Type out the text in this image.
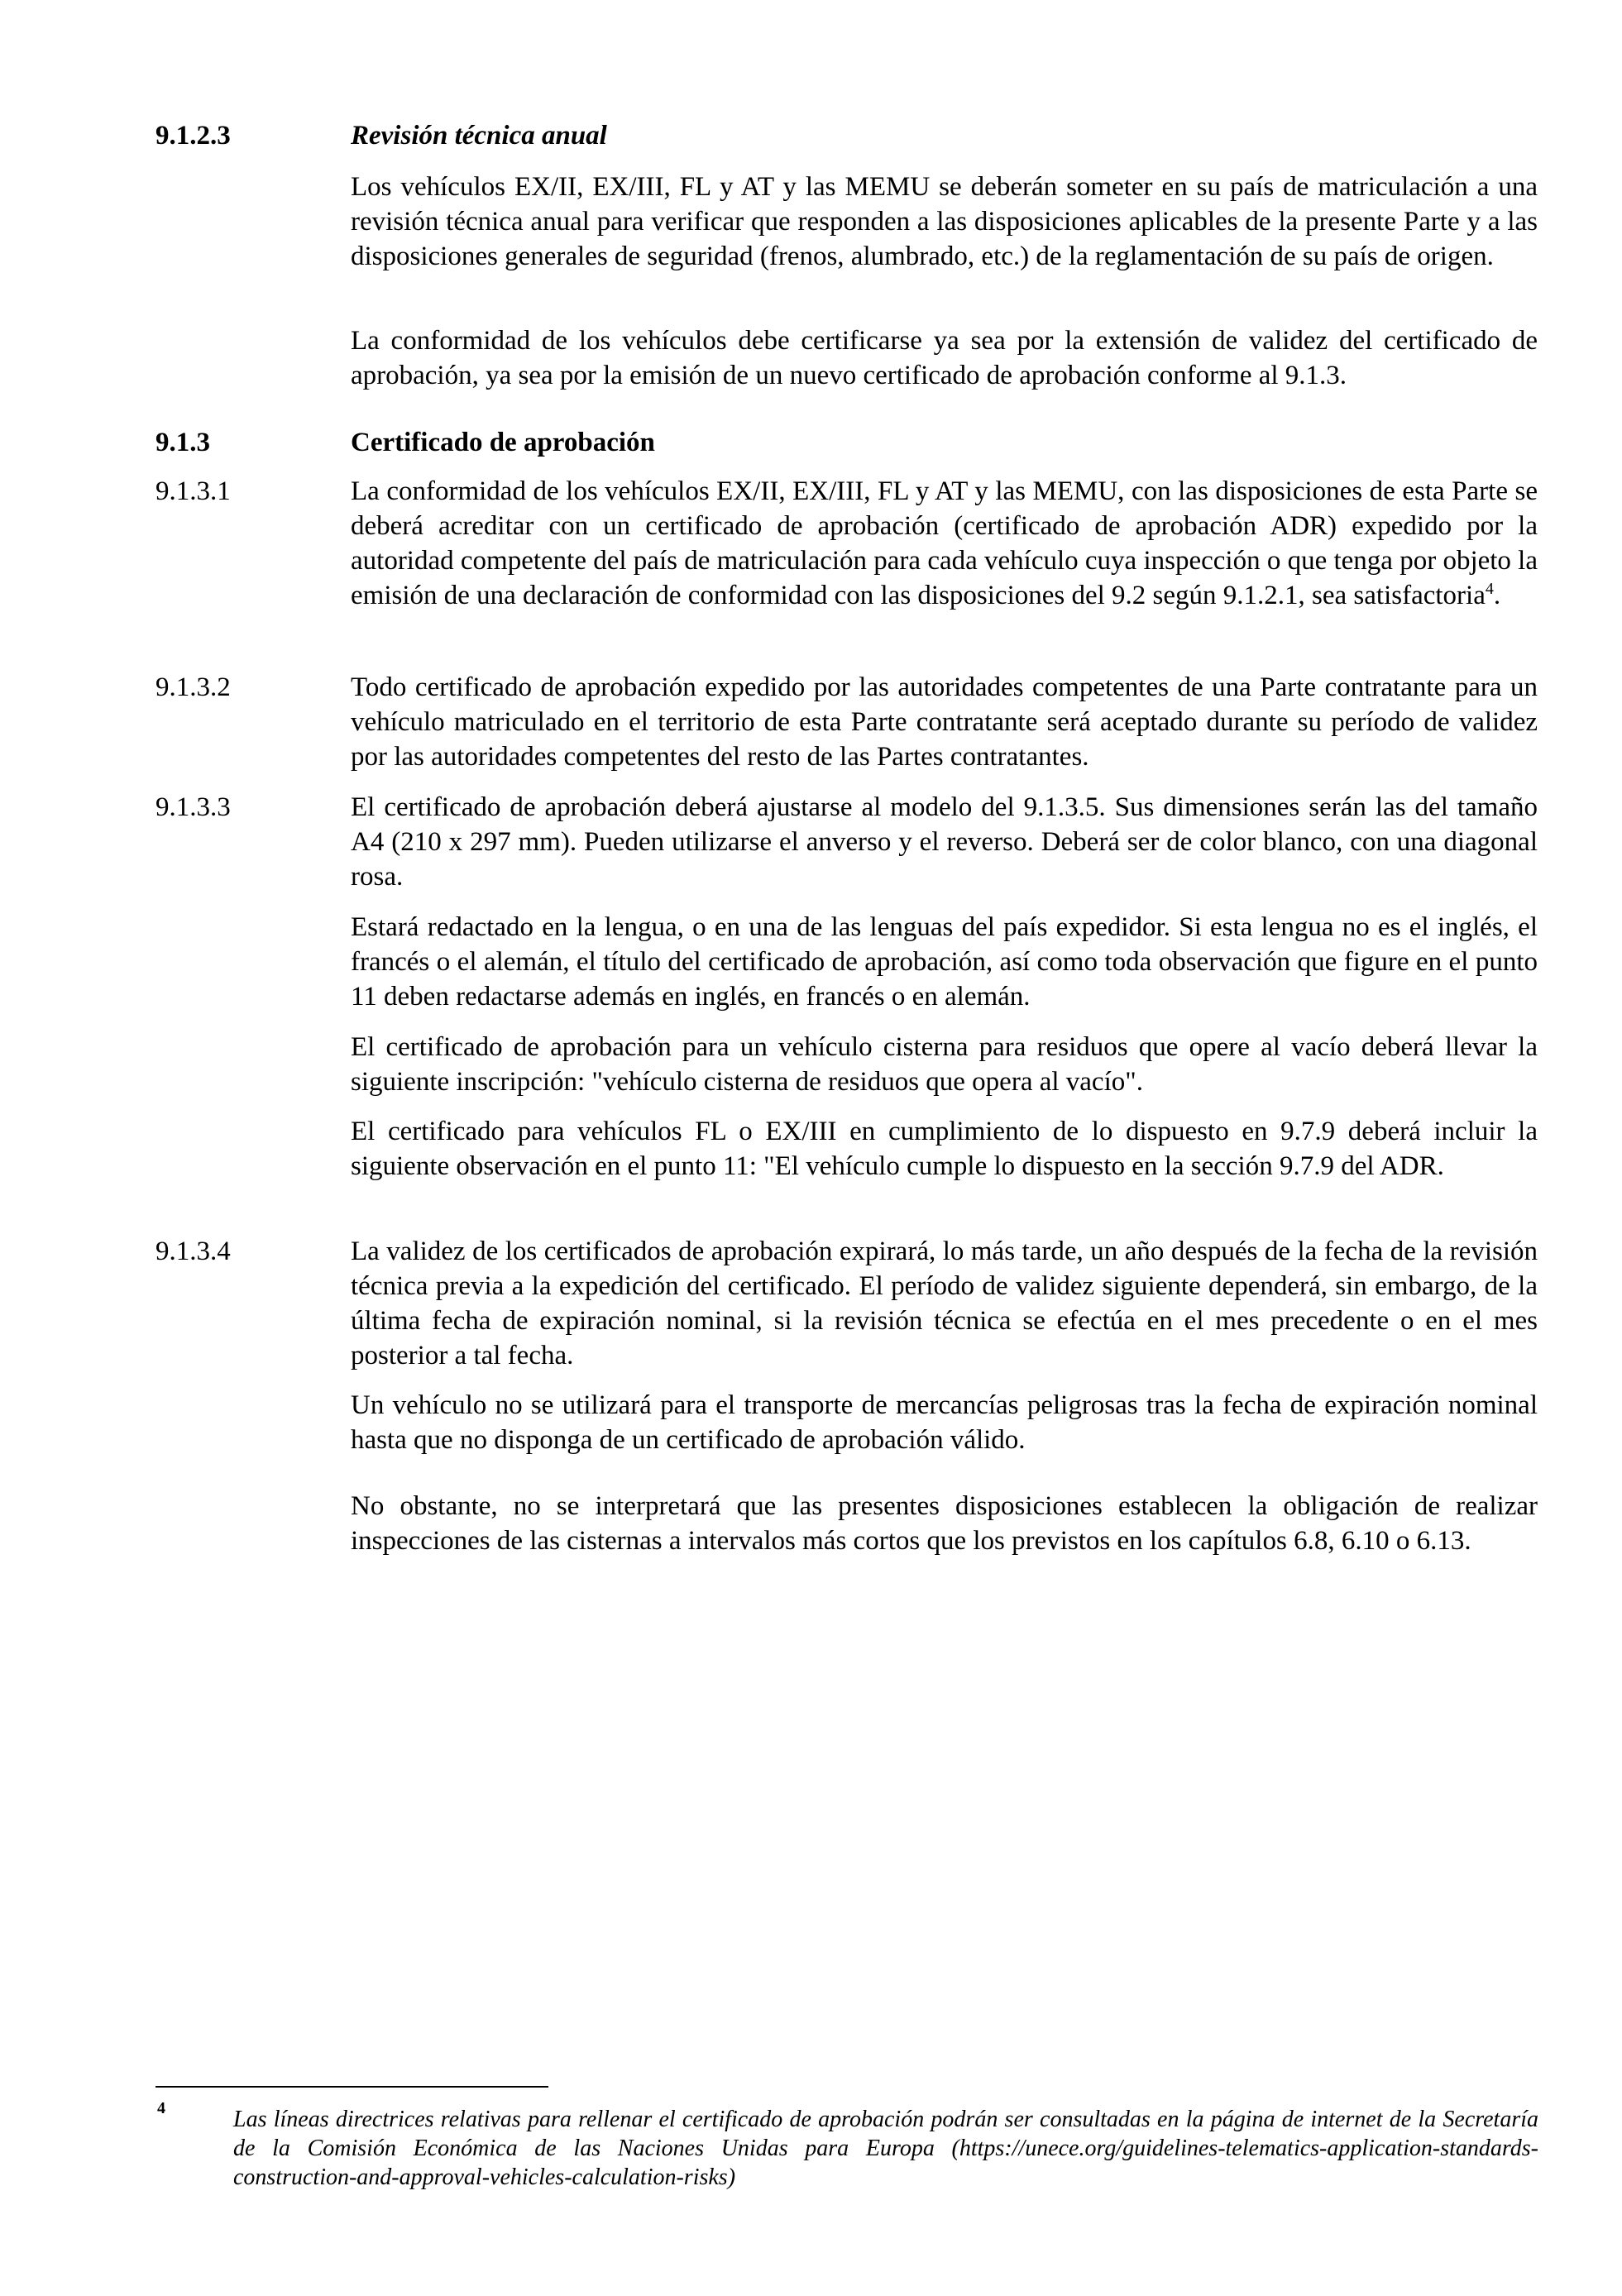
9.1.2.3	Revisión técnica anual
Los vehículos EX/II, EX/III, FL y AT y las MEMU se deberán someter en su país de matriculación a una revisión técnica anual para verificar que responden a las disposiciones aplicables de la presente Parte y a las disposiciones generales de seguridad (frenos, alumbrado, etc.) de la reglamentación de su país de origen.
La conformidad de los vehículos debe certificarse ya sea por la extensión de validez del certificado de aprobación, ya sea por la emisión de un nuevo certificado de aprobación conforme al 9.1.3.
9.1.3	Certificado de aprobación
9.1.3.1	La conformidad de los vehículos EX/II, EX/III, FL y AT y las MEMU, con las disposiciones de esta Parte se deberá acreditar con un certificado de aprobación (certificado de aprobación ADR) expedido por la autoridad competente del país de matriculación para cada vehículo cuya inspección o que tenga por objeto la emisión de una declaración de conformidad con las disposiciones del 9.2 según 9.1.2.1, sea satisfactoria$^4$.
9.1.3.2	Todo certificado de aprobación expedido por las autoridades competentes de una Parte contratante para un vehículo matriculado en el territorio de esta Parte contratante será aceptado durante su período de validez por las autoridades competentes del resto de las Partes contratantes.
9.1.3.3	El certificado de aprobación deberá ajustarse al modelo del 9.1.3.5. Sus dimensiones serán las del tamaño A4 (210 x 297 mm). Pueden utilizarse el anverso y el reverso. Deberá ser de color blanco, con una diagonal rosa.
Estará redactado en la lengua, o en una de las lenguas del país expedidor. Si esta lengua no es el inglés, el francés o el alemán, el título del certificado de aprobación, así como toda observación que figure en el punto 11 deben redactarse además en inglés, en francés o en alemán.
El certificado de aprobación para un vehículo cisterna para residuos que opere al vacío deberá llevar la siguiente inscripción: "vehículo cisterna de residuos que opera al vacío".
El certificado para vehículos FL o EX/III en cumplimiento de lo dispuesto en 9.7.9 deberá incluir la siguiente observación en el punto 11: "El vehículo cumple lo dispuesto en la sección 9.7.9 del ADR.
9.1.3.4	La validez de los certificados de aprobación expirará, lo más tarde, un año después de la fecha de la revisión técnica previa a la expedición del certificado. El período de validez siguiente dependerá, sin embargo, de la última fecha de expiración nominal, si la revisión técnica se efectúa en el mes precedente o en el mes posterior a tal fecha.
Un vehículo no se utilizará para el transporte de mercancías peligrosas tras la fecha de expiración nominal hasta que no disponga de un certificado de aprobación válido.
No obstante, no se interpretará que las presentes disposiciones establecen la obligación de realizar inspecciones de las cisternas a intervalos más cortos que los previstos en los capítulos 6.8, 6.10 o 6.13.
4	Las líneas directrices relativas para rellenar el certificado de aprobación podrán ser consultadas en la página de internet de la Secretaría de la Comisión Económica de las Naciones Unidas para Europa (https://unece.org/guidelines-telematics-application-standards-construction-and-approval-vehicles-calculation-risks)
